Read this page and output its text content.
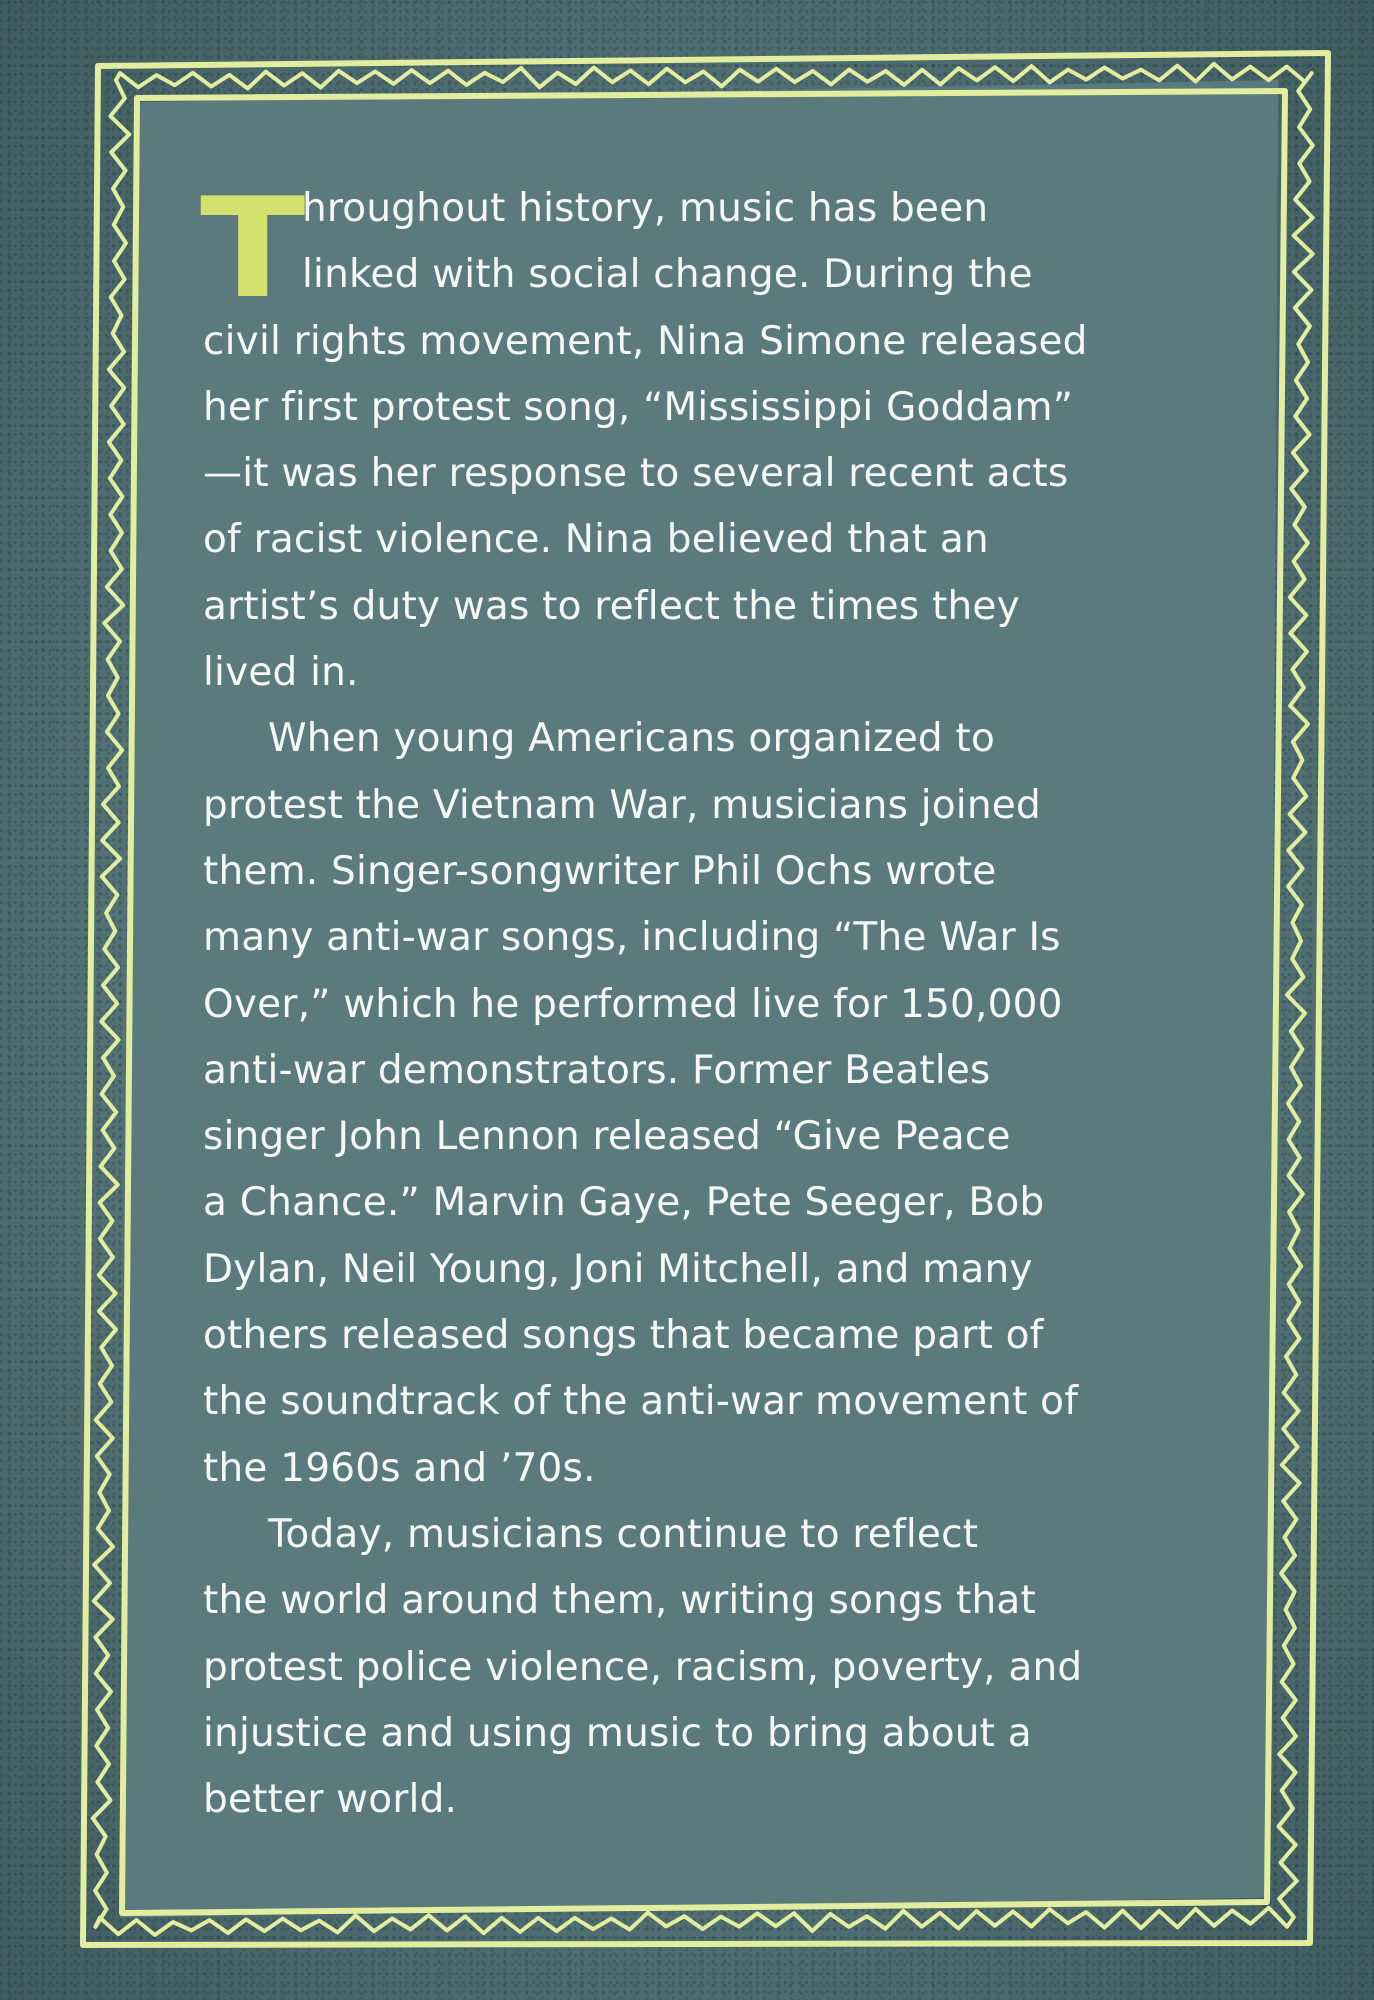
T
hroughout history, music has been
linked with social change. During the
civil rights movement, Nina Simone released
her first protest song, “Mississippi Goddam”
—it was her response to several recent acts
of racist violence. Nina believed that an
artist’s duty was to reflect the times they
lived in.
When young Americans organized to
protest the Vietnam War, musicians joined
them. Singer-songwriter Phil Ochs wrote
many anti-war songs, including “The War Is
Over,” which he performed live for 150,000
anti-war demonstrators. Former Beatles
singer John Lennon released “Give Peace
a Chance.” Marvin Gaye, Pete Seeger, Bob
Dylan, Neil Young, Joni Mitchell, and many
others released songs that became part of
the soundtrack of the anti-war movement of
the 1960s and ’70s.
Today, musicians continue to reflect
the world around them, writing songs that
protest police violence, racism, poverty, and
injustice and using music to bring about a
better world.
